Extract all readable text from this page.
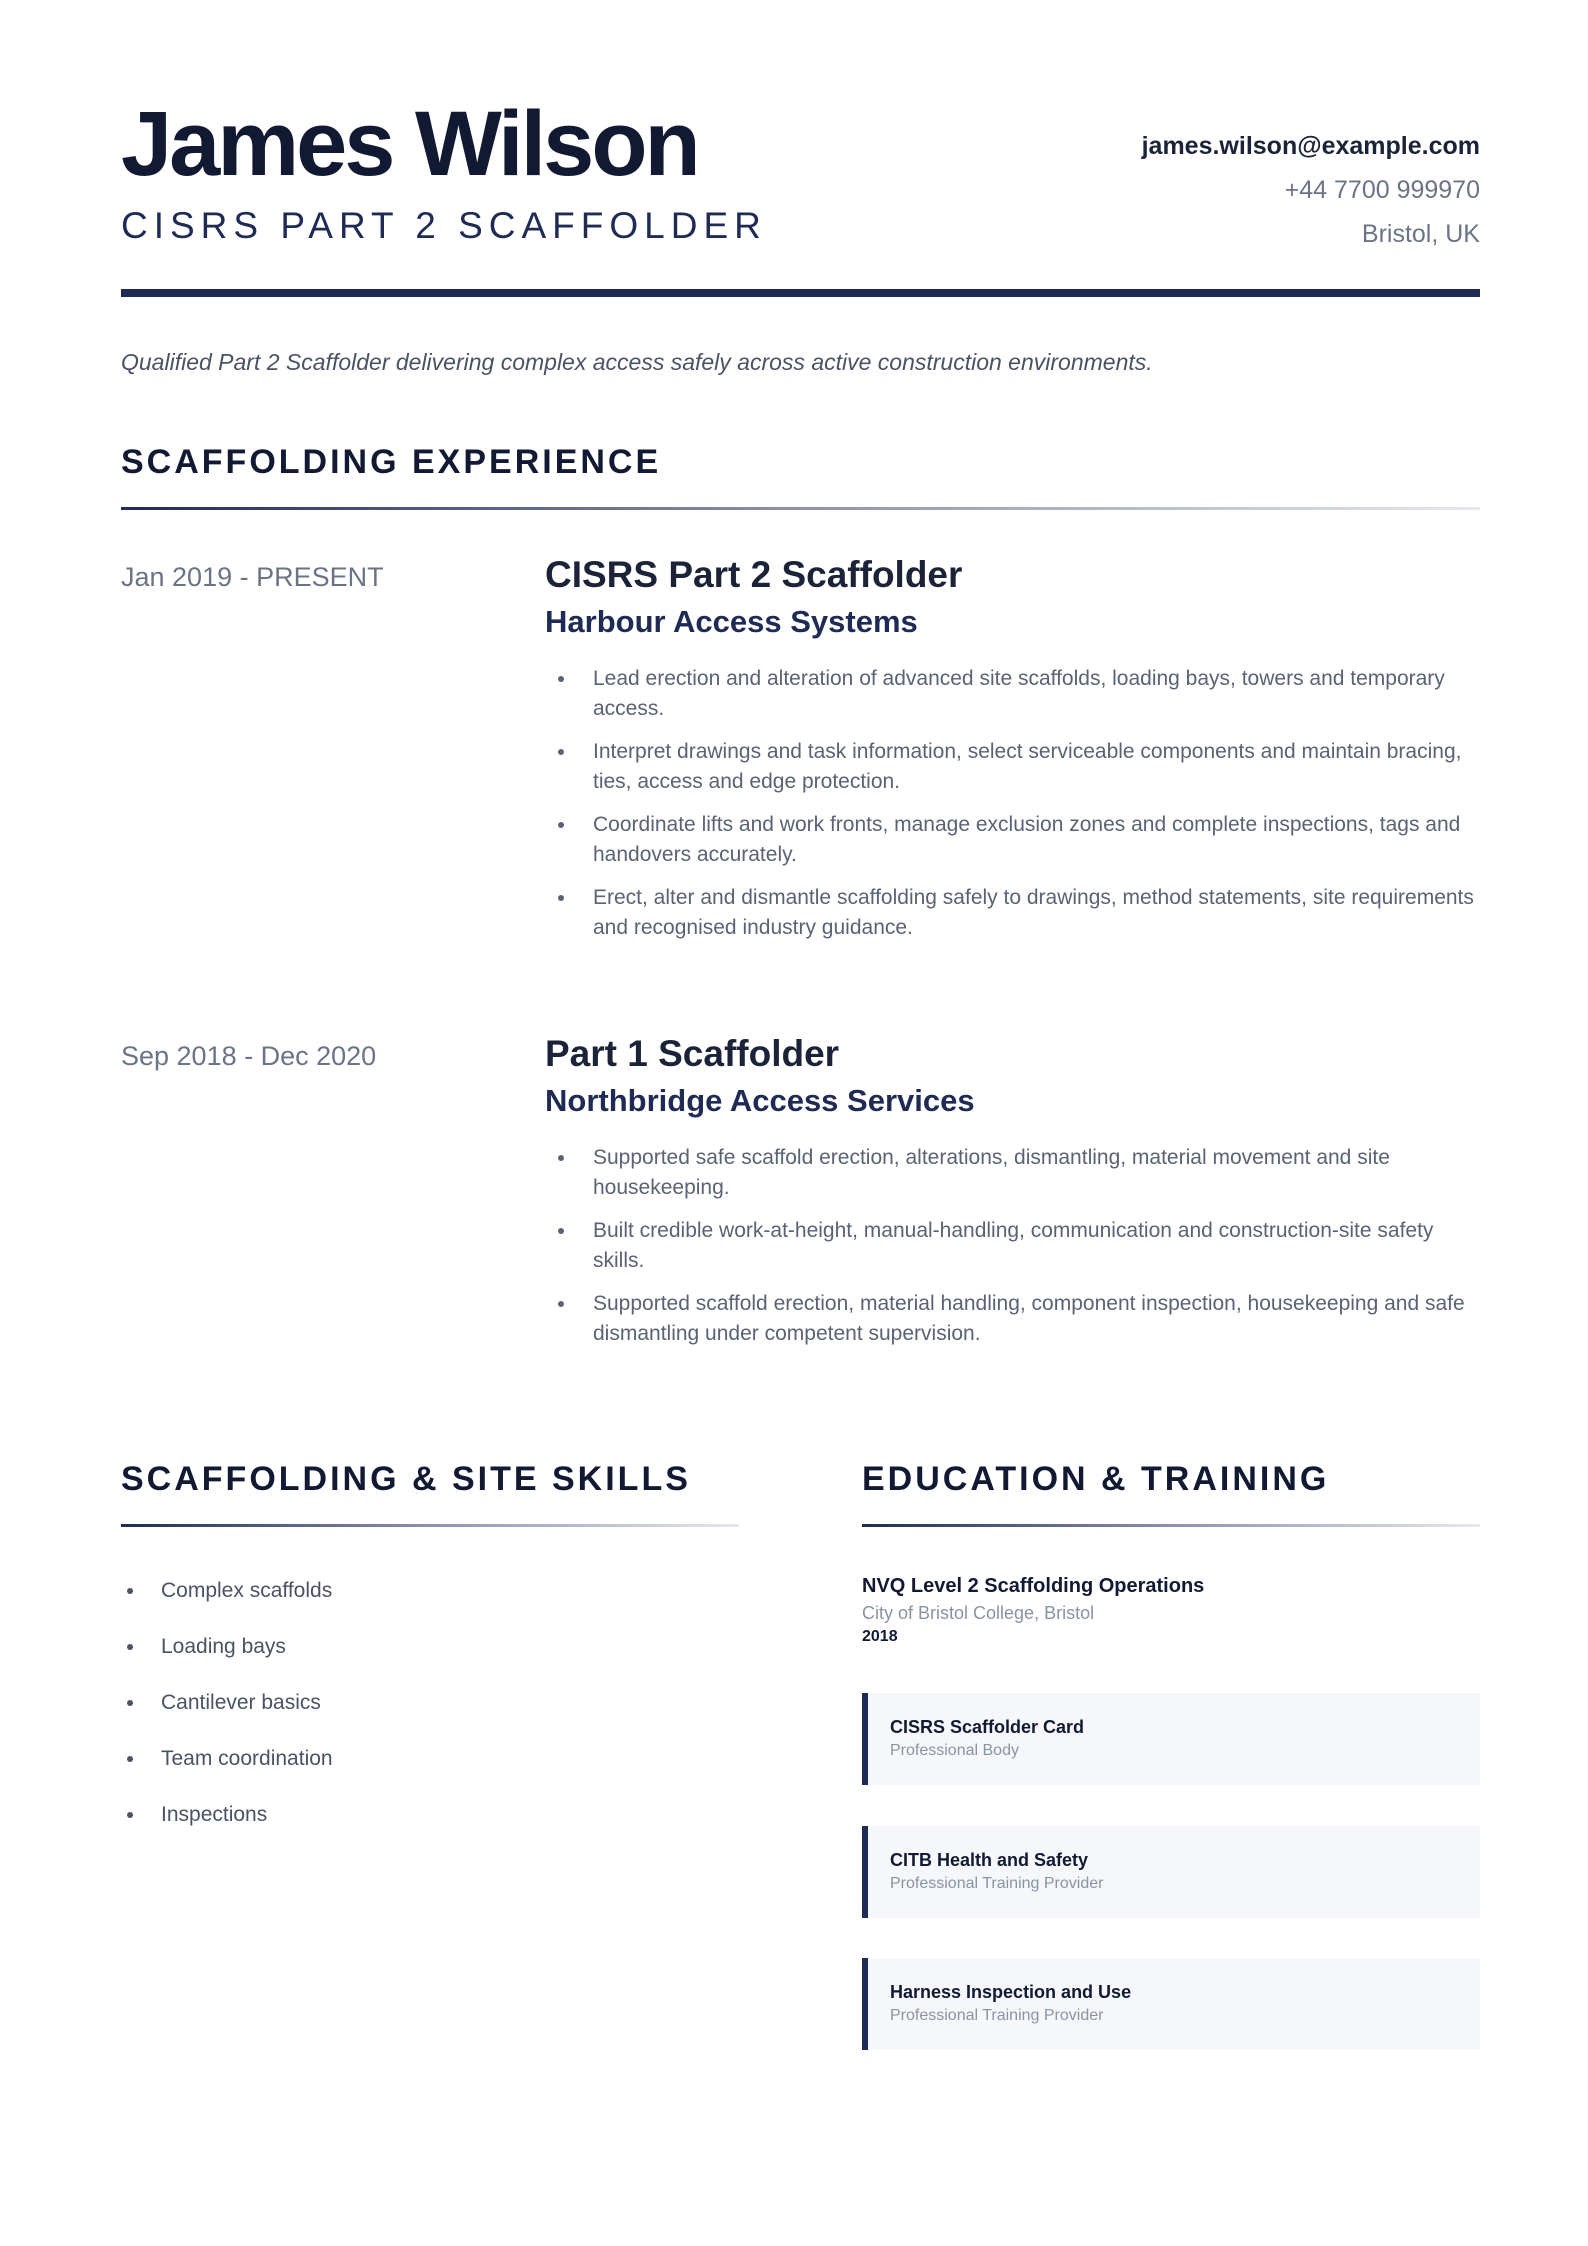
James Wilson
CISRS PART 2 SCAFFOLDER
james.wilson@example.com
+44 7700 999970
Bristol, UK
Qualified Part 2 Scaffolder delivering complex access safely across active construction environments.
SCAFFOLDING EXPERIENCE
Jan 2019 - PRESENT	CISRS Part 2 Scaffolder
Harbour Access Systems
Lead erection and alteration of advanced site scaffolds, loading bays, towers and temporary access.
Interpret drawings and task information, select serviceable components and maintain bracing, ties, access and edge protection.
Coordinate lifts and work fronts, manage exclusion zones and complete inspections, tags and handovers accurately.
Erect, alter and dismantle scaffolding safely to drawings, method statements, site requirements and recognised industry guidance.
Sep 2018 - Dec 2020	Part 1 Scaffolder
Northbridge Access Services
Supported safe scaffold erection, alterations, dismantling, material movement and site housekeeping.
Built credible work-at-height, manual-handling, communication and construction-site safety skills.
Supported scaffold erection, material handling, component inspection, housekeeping and safe dismantling under competent supervision.
SCAFFOLDING & SITE SKILLS
Complex scaffolds
Loading bays
Cantilever basics
Team coordination
Inspections
EDUCATION & TRAINING
NVQ Level 2 Scaffolding Operations
City of Bristol College, Bristol
2018
CISRS Scaffolder Card
Professional Body
CITB Health and Safety
Professional Training Provider
Harness Inspection and Use
Professional Training Provider
